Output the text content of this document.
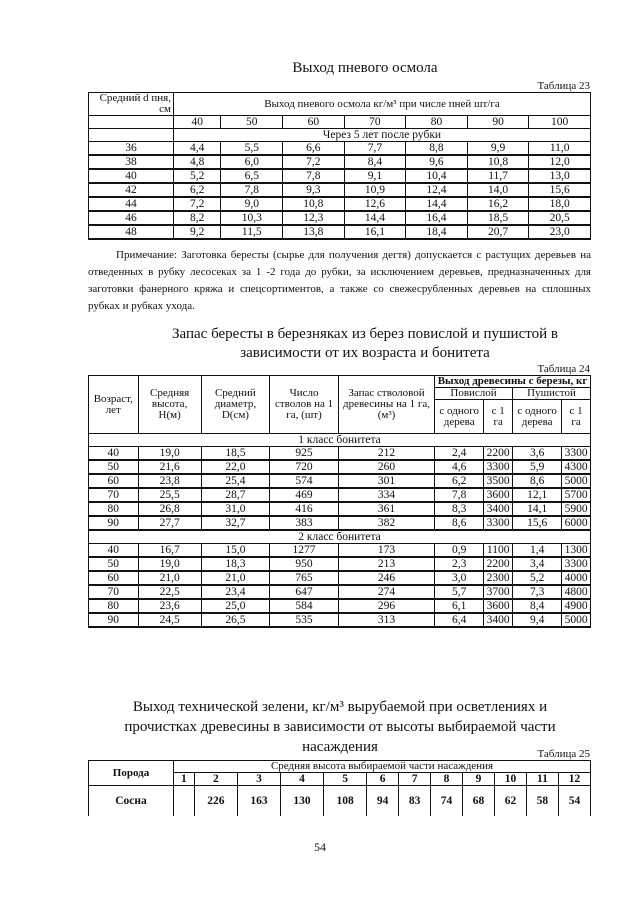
Выход пневого осмола
Таблица 23
Средний d пня, см	Выход пневого осмола кг/м³ при числе пней шт/га						
	40	50	60	70	80	90	100
	Через 5 лет после рубки						
36	4,4	5,5	6,6	7,7	8,8	9,9	11,0
38	4,8	6,0	7,2	8,4	9,6	10,8	12,0
40	5,2	6,5	7,8	9,1	10,4	11,7	13,0
42	6,2	7,8	9,3	10,9	12,4	14,0	15,6
44	7,2	9,0	10,8	12,6	14,4	16,2	18,0
46	8,2	10,3	12,3	14,4	16,4	18,5	20,5
48	9,2	11,5	13,8	16,1	18,4	20,7	23,0
Примечание: Заготовка бересты (сырье для получения дегтя) допускается с растущих деревьев на отведенных в рубку лесосеках за 1 -2 года до рубки, за исключением деревьев, предназначенных для заготовки фанерного кряжа и спецсортиментов, а также со свежесрубленных деревьев на сплошных рубках и рубках ухода.
Запас бересты в березняках из берез повислой и пушистой в зависимости от их возраста и бонитета
Таблица 24
Возраст, лет	Средняя высота, H(м)	Средний диаметр, D(см)	Число стволов на 1 га, (шт)	Запас стволовой древесины на 1 га, (м³)	Выход древесины с березы, кг			
					Повислой		Пушистой	
					с одного дерева	с 1 га	с одного дерева	с 1 га
1 класс бонитета								
40	19,0	18,5	925	212	2,4	2200	3,6	3300
50	21,6	22,0	720	260	4,6	3300	5,9	4300
60	23,8	25,4	574	301	6,2	3500	8,6	5000
70	25,5	28,7	469	334	7,8	3600	12,1	5700
80	26,8	31,0	416	361	8,3	3400	14,1	5900
90	27,7	32,7	383	382	8,6	3300	15,6	6000
2 класс бонитета								
40	16,7	15,0	1277	173	0,9	1100	1,4	1300
50	19,0	18,3	950	213	2,3	2200	3,4	3300
60	21,0	21,0	765	246	3,0	2300	5,2	4000
70	22,5	23,4	647	274	5,7	3700	7,3	4800
80	23,6	25,0	584	296	6,1	3600	8,4	4900
90	24,5	26,5	535	313	6,4	3400	9,4	5000
Выход технической зелени, кг/м³ вырубаемой при осветлениях и прочистках древесины в зависимости от высоты выбираемой части насаждения	Таблица 25
Порода	Средняя высота выбираемой части насаждения											
	1	2	3	4	5	6	7	8	9	10	11	12
Сосна		226	163	130	108	94	83	74	68	62	58	54
54
